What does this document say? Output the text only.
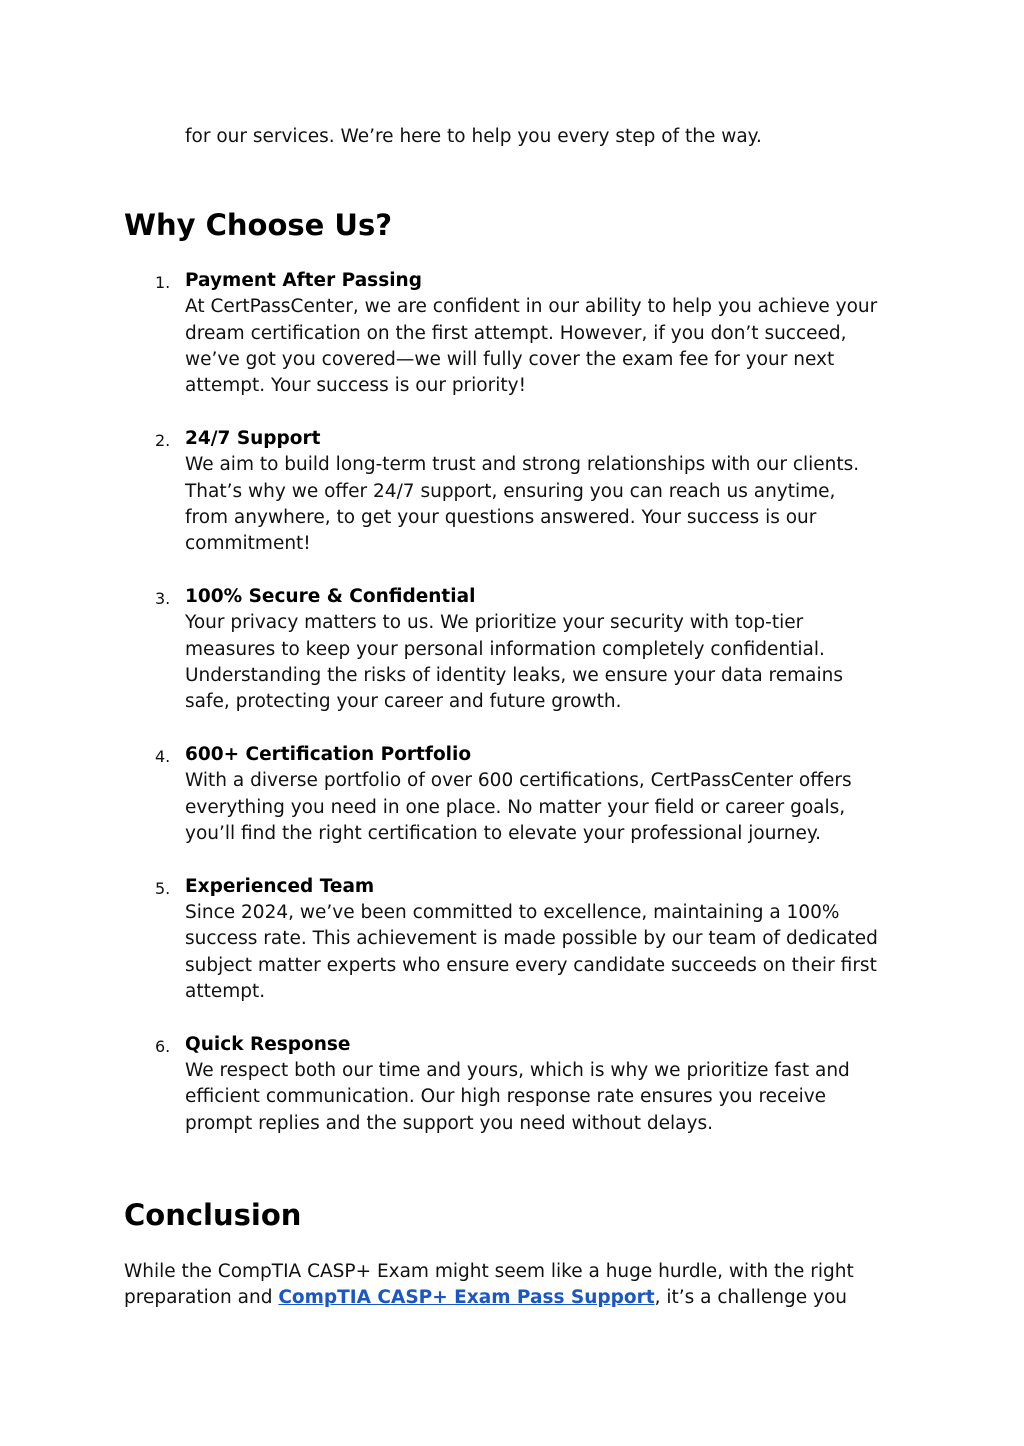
for our services. We’re here to help you every step of the way.

Why Choose Us?
1. Payment After Passing
At CertPassCenter, we are confident in our ability to help you achieve your
dream certification on the first attempt. However, if you don’t succeed,
we’ve got you covered—we will fully cover the exam fee for your next
attempt. Your success is our priority!
2. 24/7 Support
We aim to build long-term trust and strong relationships with our clients.
That’s why we offer 24/7 support, ensuring you can reach us anytime,
from anywhere, to get your questions answered. Your success is our
commitment!
3. 100% Secure & Confidential
Your privacy matters to us. We prioritize your security with top-tier
measures to keep your personal information completely confidential.
Understanding the risks of identity leaks, we ensure your data remains
safe, protecting your career and future growth.
4. 600+ Certification Portfolio
With a diverse portfolio of over 600 certifications, CertPassCenter offers
everything you need in one place. No matter your field or career goals,
you’ll find the right certification to elevate your professional journey.
5. Experienced Team
Since 2024, we’ve been committed to excellence, maintaining a 100%
success rate. This achievement is made possible by our team of dedicated
subject matter experts who ensure every candidate succeeds on their first
attempt.
6. Quick Response
We respect both our time and yours, which is why we prioritize fast and
efficient communication. Our high response rate ensures you receive
prompt replies and the support you need without delays.
Conclusion

While the CompTIA CASP+ Exam might seem like a huge hurdle, with the right
preparation and CompTIA CASP+ Exam Pass Support, it’s a challenge you
